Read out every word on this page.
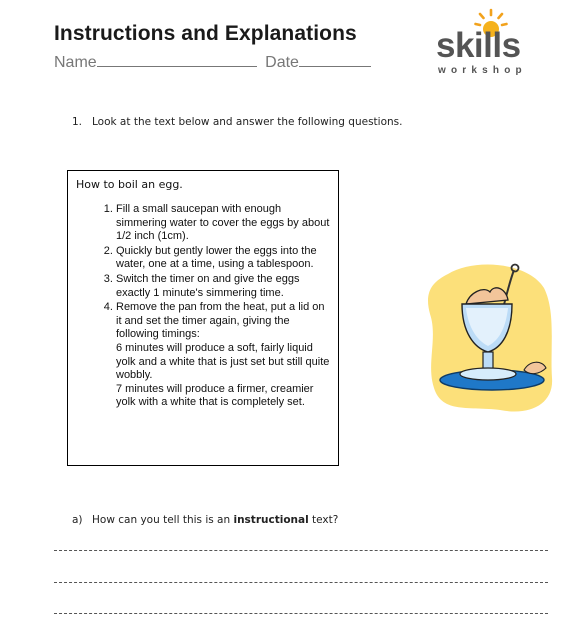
Instructions and Explanations
Name	Date	skills
workshop
1. Look at the text below and answer the following questions.
How to boil an egg.
1. Fill a small saucepan with enough simmering water to cover the eggs by about 1/2 inch (1cm).
2. Quickly but gently lower the eggs into the water, one at a time, using a tablespoon.
3. Switch the timer on and give the eggs exactly 1 minute's simmering time.
4. Remove the pan from the heat, put a lid on it and set the timer again, giving the following timings:
6 minutes will produce a soft, fairly liquid yolk and a white that is just set but still quite wobbly.
7 minutes will produce a firmer, creamier yolk with a white that is completely set.
a) How can you tell this is an instructional text?
